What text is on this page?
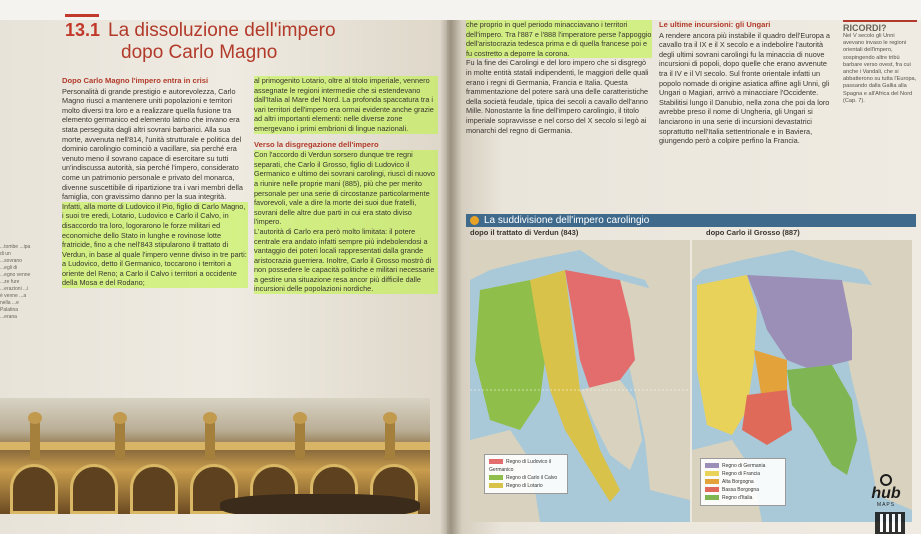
13.1 La dissoluzione dell'impero
dopo Carlo Magno

Dopo Carlo Magno l'impero entra in crisi

Personalità di grande prestigio e autorevolezza, Carlo Magno riuscì a mantenere uniti popolazioni e territori molto diversi tra loro e a realizzare quella fusione tra elemento germanico ed elemento latino che invano era stata perseguita dagli altri sovrani barbarici. Alla sua morte, avvenuta nell'814, l'unità strutturale e politica del dominio carolingio cominciò a vacillare, sia perché era venuto meno il sovrano capace di esercitare su tutti un'indiscussa autorità, sia perché l'impero, considerato come un patrimonio personale e privato del monarca, divenne suscettibile di ripartizione tra i vari membri della famiglia, con gravissimo danno per la sua integrità.

Infatti, alla morte di Ludovico il Pio, figlio di Carlo Magno, i suoi tre eredi, Lotario, Ludovico e Carlo il Calvo, in disaccordo tra loro, logorarono le forze militari ed economiche dello Stato in lunghe e rovinose lotte fratricide, fino a che nell'843 stipularono il trattato di Verdun, in base al quale l'impero venne diviso in tre parti: a Ludovico, detto il Germanico, toccarono i territori a oriente del Reno; a Carlo il Calvo i territori a occidente della Mosa e del Rodano;

al primogenito Lotario, oltre al titolo imperiale, vennero assegnate le regioni intermedie che si estendevano dall'Italia al Mare del Nord. La profonda spaccatura tra i vari territori dell'impero era ormai evidente anche grazie ad altri importanti elementi: nelle diverse zone emergevano i primi embrioni di lingue nazionali.

Verso la disgregazione dell'impero

Con l'accordo di Verdun sorsero dunque tre regni separati, che Carlo il Grosso, figlio di Ludovico il Germanico e ultimo dei sovrani carolingi, riuscì di nuovo a riunire nelle proprie mani (885), più che per merito personale per una serie di circostanze particolarmente favorevoli, vale a dire la morte dei suoi due fratelli, sovrani delle altre due parti in cui era stato diviso l'impero.

L'autorità di Carlo era però molto limitata: il potere centrale era andato infatti sempre più indebolendosi a vantaggio dei poteri locali rappresentati dalla grande aristocrazia guerriera. Inoltre, Carlo il Grosso mostrò di non possedere le capacità politiche e militari necessarie a gestire una situazione resa ancor più difficile dalle incursioni delle popolazioni nordiche.

...tombe ...ipa di un ...sovrano ...egli di ...egno venne ...ze fure ...erazioni ...i è venne ...a nella ...e Palatina ...erana

che proprio in quel periodo minacciavano i territori dell'impero. Tra l'887 e l'888 l'imperatore perse l'appoggio dell'aristocrazia tedesca prima e di quella francese poi e fu costretto a deporre la corona.

Fu la fine dei Carolingi e del loro impero che si disgregò in molte entità statali indipendenti, le maggiori delle quali erano i regni di Germania, Francia e Italia. Questa frammentazione del potere sarà una delle caratteristiche della società feudale, tipica dei secoli a cavallo dell'anno Mille. Nonostante la fine dell'impero carolingio, il titolo imperiale sopravvisse e nel corso del X secolo si legò ai monarchi del regno di Germania.

Le ultime incursioni: gli Ungari

A rendere ancora più instabile il quadro dell'Europa a cavallo tra il IX e il X secolo e a indebolire l'autorità degli ultimi sovrani carolingi fu la minaccia di nuove incursioni di popoli, dopo quelle che erano avvenute tra il IV e il VI secolo. Sul fronte orientale infatti un popolo nomade di origine asiatica affine agli Unni, gli Ungari o Magiari, arrivò a minacciare l'Occidente. Stabilitisi lungo il Danubio, nella zona che poi da loro avrebbe preso il nome di Ungheria, gli Ungari si lanciarono in una serie di incursioni devastatrici soprattutto nell'Italia settentrionale e in Baviera, giungendo però a colpire perfino la Francia.

RICORDI?

Nel V secolo gli Unni avevano invaso le regioni orientali dell'impero, sospingendo altre tribù barbare verso ovest, fra cui anche i Vandali, che si abbatterono su tutta l'Europa, passando dalla Gallia alla Spagna e all'Africa del Nord (Cap. 7).

La suddivisione dell'impero carolingio
dopo il trattato di Verdun (843)	dopo Carlo il Grosso (887)
Regno di Ludovico il Germanico
Regno di Carlo il Calvo
Regno di Lotario
Regno di Germania
Regno di Francia
Alta Borgogna
Bassa Borgogna
Regno d'Italia	hub
MAPS
